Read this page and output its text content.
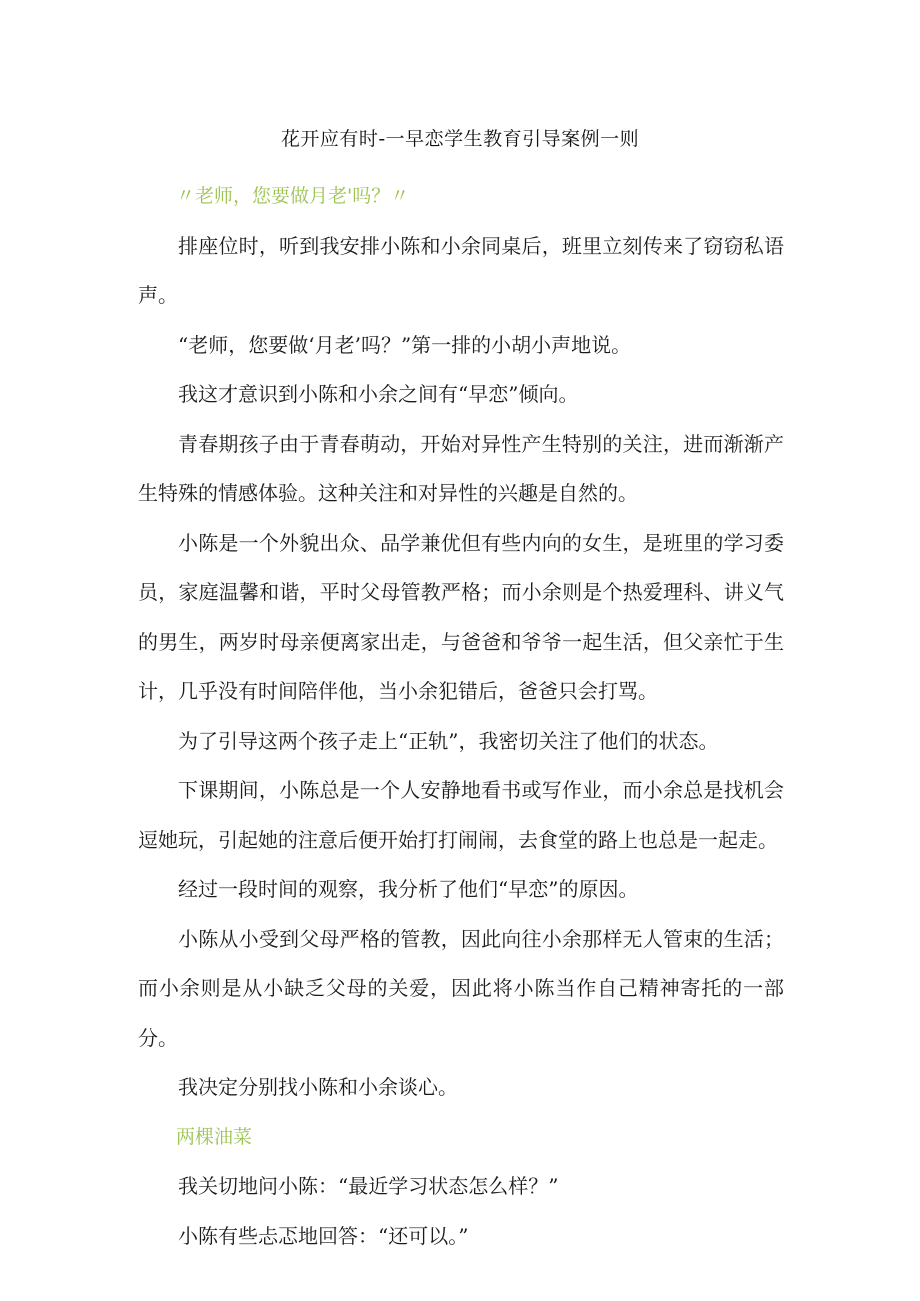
花开应有时-一早恋学生教育引导案例一则

〃老师，您要做月老'吗？〃

排座位时，听到我安排小陈和小余同桌后，班里立刻传来了窃窃私语声。

“老师，您要做‘月老’吗？”第一排的小胡小声地说。

我这才意识到小陈和小余之间有“早恋”倾向。

青春期孩子由于青春萌动，开始对异性产生特别的关注，进而渐渐产生特殊的情感体验。这种关注和对异性的兴趣是自然的。

小陈是一个外貌出众、品学兼优但有些内向的女生，是班里的学习委员，家庭温馨和谐，平时父母管教严格；而小余则是个热爱理科、讲义气的男生，两岁时母亲便离家出走，与爸爸和爷爷一起生活，但父亲忙于生计，几乎没有时间陪伴他，当小余犯错后，爸爸只会打骂。

为了引导这两个孩子走上“正轨”，我密切关注了他们的状态。

下课期间，小陈总是一个人安静地看书或写作业，而小余总是找机会逗她玩，引起她的注意后便开始打打闹闹，去食堂的路上也总是一起走。

经过一段时间的观察，我分析了他们“早恋”的原因。

小陈从小受到父母严格的管教，因此向往小余那样无人管束的生活；而小余则是从小缺乏父母的关爱，因此将小陈当作自己精神寄托的一部分。

我决定分别找小陈和小余谈心。

两棵油菜

我关切地问小陈：“最近学习状态怎么样？”

小陈有些忐忑地回答：“还可以。”
